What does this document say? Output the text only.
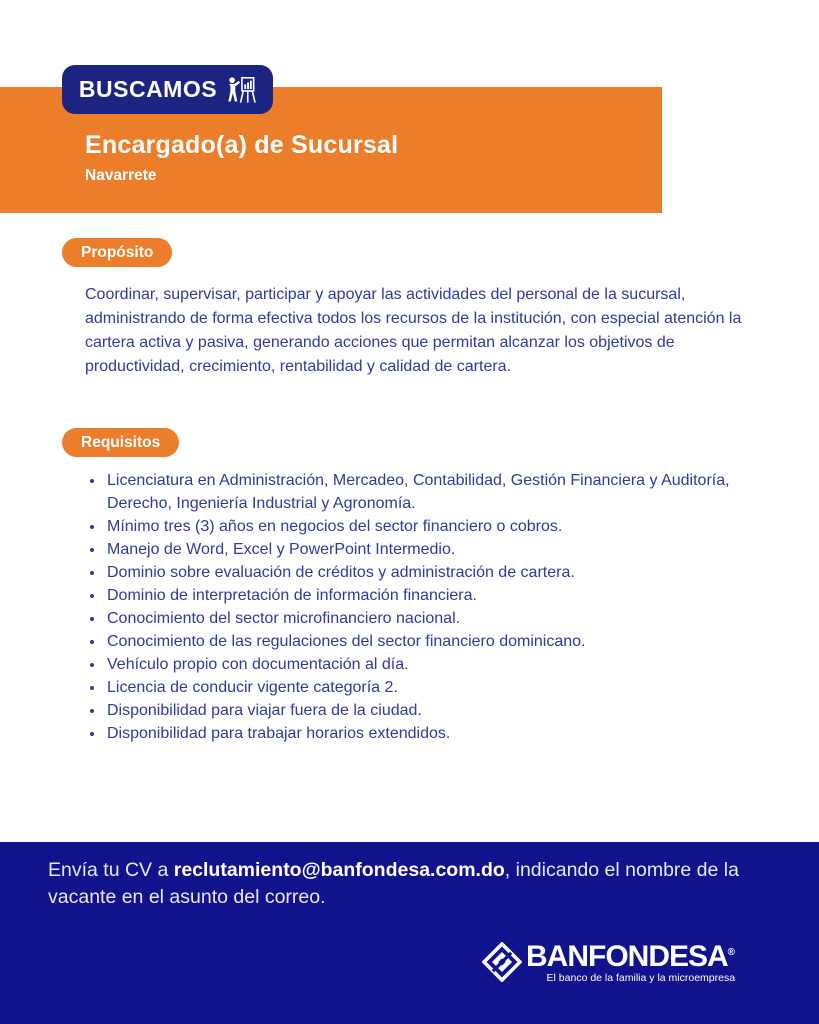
Encargado(a) de Sucursal
Navarrete
BUSCAMOS
Propósito

Coordinar, supervisar, participar y apoyar las actividades del personal de la sucursal, administrando de forma efectiva todos los recursos de la institución, con especial atención la cartera activa y pasiva, generando acciones que permitan alcanzar los objetivos de productividad, crecimiento, rentabilidad y calidad de cartera.

Requisitos
• Licenciatura en Administración, Mercadeo, Contabilidad, Gestión Financiera y Auditoría, Derecho, Ingeniería Industrial y Agronomía.
• Mínimo tres (3) años en negocios del sector financiero o cobros.
• Manejo de Word, Excel y PowerPoint Intermedio.
• Dominio sobre evaluación de créditos y administración de cartera.
• Dominio de interpretación de información financiera.
• Conocimiento del sector microfinanciero nacional.
• Conocimiento de las regulaciones del sector financiero dominicano.
• Vehículo propio con documentación al día.
• Licencia de conducir vigente categoría 2.
• Disponibilidad para viajar fuera de la ciudad.
• Disponibilidad para trabajar horarios extendidos.

Envía tu CV a reclutamiento@banfondesa.com.do, indicando el nombre de la vacante en el asunto del correo.

BANFONDESA®
El banco de la familia y la microempresa
